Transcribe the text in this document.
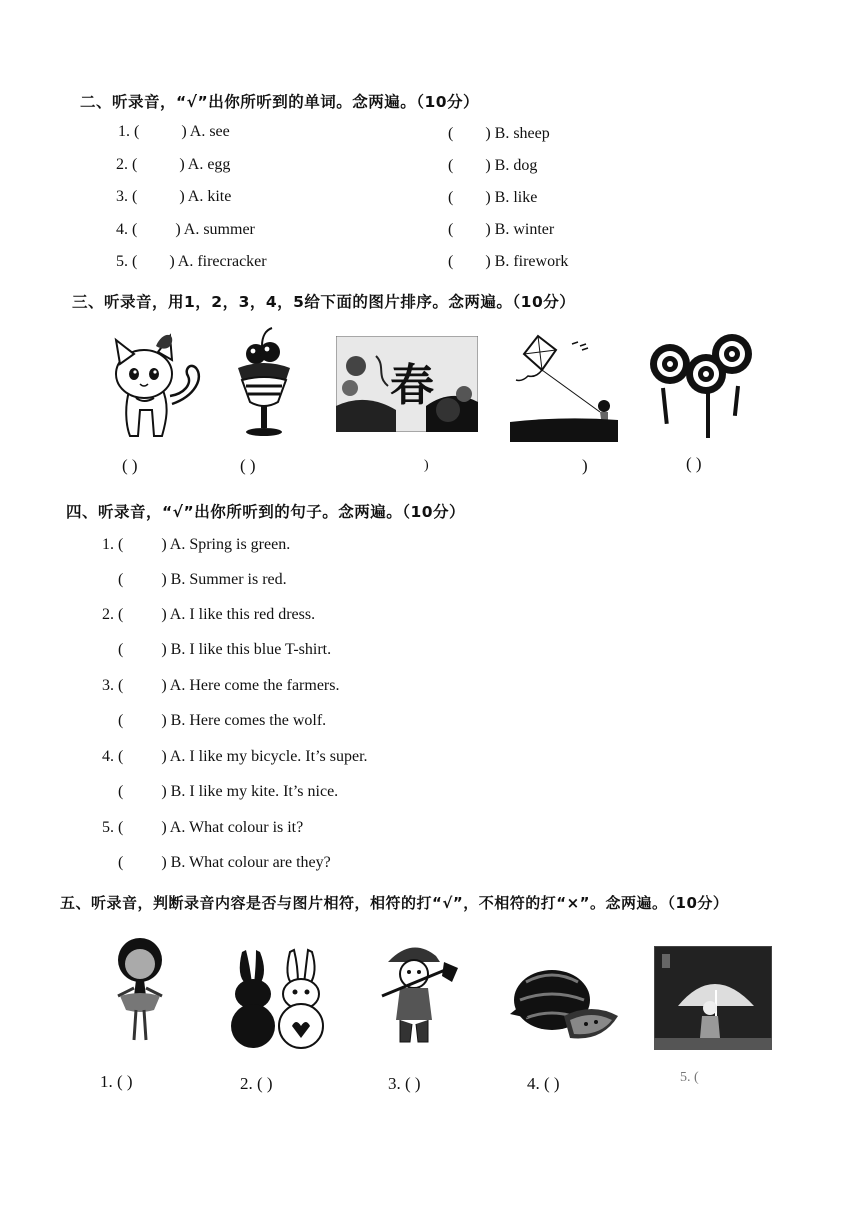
二、听录音，“√”出你所听到的单词。念两遍。（10分）
1. (	) A. see	( ) B. sheep
2. (	) A. egg	( ) B. dog
3. (	) A. kite	( ) B. like
4. ( ) A. summer	( ) B. winter
5. ( ) A. firecracker	( ) B. firework
三、听录音，用1，2，3，4，5给下面的图片排序。念两遍。（10分）
( )	( )
春
)	)	( )
四、听录音，“√”出你所听到的句子。念两遍。（10分）
1. ( ) A. Spring is green.
( ) B. Summer is red.
2. ( ) A. I like this red dress.
( ) B. I like this blue T-shirt.
3. ( ) A. Here come the farmers.
( ) B. Here comes the wolf.
4. ( ) A. I like my bicycle. It’s super.
( ) B. I like my kite. It’s nice.
5. ( ) A. What colour is it?
( ) B. What colour are they?
五、听录音，判断录音内容是否与图片相符，相符的打“√”，不相符的打“×”。念两遍。（10分）
1. ( )	2. ( )	3. ( )	4. ( )	5. (
